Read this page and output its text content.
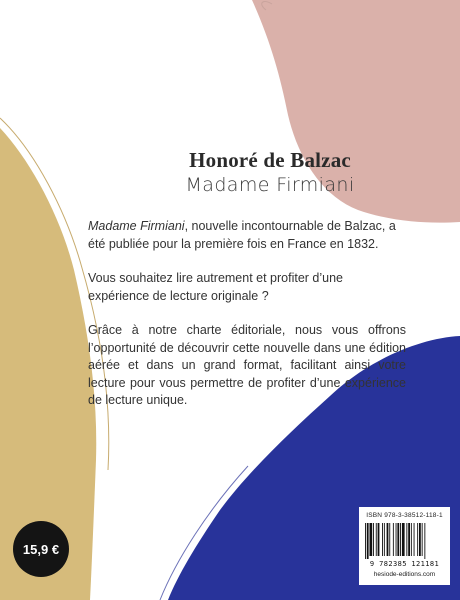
Honoré de Balzac
Madame Firmiani

Madame Firmiani, nouvelle incontournable de Balzac, a été publiée pour la première fois en France en 1832.

Vous souhaitez lire autrement et profiter d’une expérience de lecture originale ?

Grâce à notre charte éditoriale, nous vous offrons l’opportunité de découvrir cette nouvelle dans une édition aérée et dans un grand format, facilitant ainsi votre lecture pour vous permettre de profiter d’une expérience de lecture unique.

15,9 €
ISBN 978-3-38512-118-1
9 782385 121181
hesiode-editions.com
